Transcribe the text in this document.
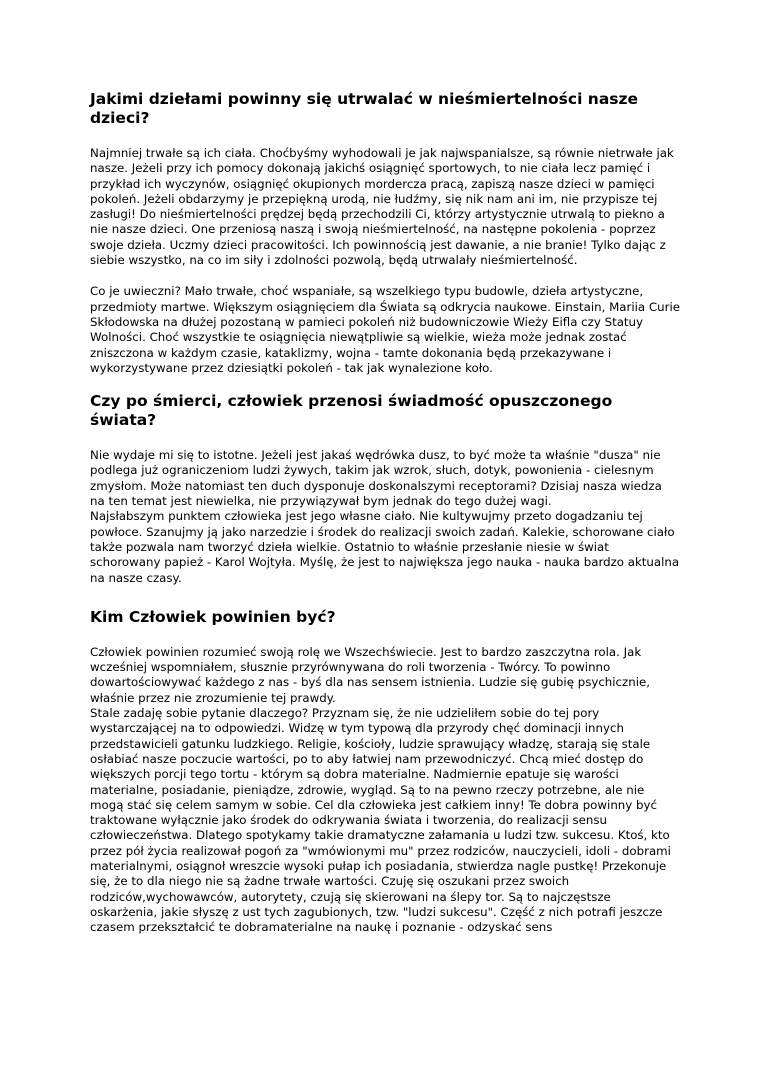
Jakimi dziełami powinny się utrwalać w nieśmiertelności nasze dzieci?

Najmniej trwałe są ich ciała. Choćbyśmy wyhodowali je jak najwspanialsze, są równie nietrwałe jak nasze. Jeżeli przy ich pomocy dokonają jakichś osiągnięć sportowych, to nie ciała lecz pamięć i przykład ich wyczynów, osiągnięć okupionych mordercza pracą, zapiszą nasze dzieci w pamięci pokoleń. Jeżeli obdarzymy je przepiękną urodą, nie łudźmy, się nik nam ani im, nie przypisze tej zasługi! Do nieśmiertelności prędzej będą przechodzili Ci, którzy artystycznie utrwalą to piekno a nie nasze dzieci. One przeniosą naszą i swoją nieśmiertelność, na następne pokolenia - poprzez swoje dzieła. Uczmy dzieci pracowitości. Ich powinnością jest dawanie, a nie branie! Tylko dając z siebie wszystko, na co im siły i zdolności pozwolą, będą utrwalały nieśmiertelność.

Co je uwieczni? Mało trwałe, choć wspaniałe, są wszelkiego typu budowle, dzieła artystyczne, przedmioty martwe. Większym osiągnięciem dla Świata są odkrycia naukowe. Einstain, Mariia Curie Skłodowska na dłużej pozostaną w pamieci pokoleń niż budowniczowie Wieży Eifla czy Statuy Wolności. Choć wszystkie te osiągnięcia niewątpliwie są wielkie, wieża może jednak zostać zniszczona w każdym czasie, kataklizmy, wojna - tamte dokonania będą przekazywane i wykorzystywane przez dziesiątki pokoleń - tak jak wynalezione koło.

Czy po śmierci, człowiek przenosi świadmość opuszczonego świata?

Nie wydaje mi się to istotne. Jeżeli jest jakaś wędrówka dusz, to być może ta właśnie "dusza" nie podlega już ograniczeniom ludzi żywych, takim jak wzrok, słuch, dotyk, powonienia - cielesnym zmysłom. Może natomiast ten duch dysponuje doskonalszymi receptorami? Dzisiaj nasza wiedza na ten temat jest niewielka, nie przywiązywał bym jednak do tego dużej wagi.

Najsłabszym punktem człowieka jest jego własne ciało. Nie kultywujmy przeto dogadzaniu tej powłoce. Szanujmy ją jako narzedzie i środek do realizacji swoich zadań. Kalekie, schorowane ciało także pozwala nam tworzyć dzieła wielkie. Ostatnio to właśnie przesłanie niesie w świat schorowany papież - Karol Wojtyła. Myślę, że jest to największa jego nauka - nauka bardzo aktualna na nasze czasy.

Kim Człowiek powinien być?

Człowiek powinien rozumieć swoją rolę we Wszechświecie. Jest to bardzo zaszczytna rola. Jak wcześniej wspomniałem, słusznie przyrównywana do roli tworzenia - Twórcy. To powinno dowartościowywać każdego z nas - byś dla nas sensem istnienia. Ludzie się gubię psychicznie, właśnie przez nie zrozumienie tej prawdy.

Stale zadaję sobie pytanie dlaczego? Przyznam się, że nie udzieliłem sobie do tej pory wystarczającej na to odpowiedzi. Widzę w tym typową dla przyrody chęć dominacji innych przedstawicieli gatunku ludzkiego. Religie, kościoły, ludzie sprawujący władzę, starają się stale osłabiać nasze poczucie wartości, po to aby łatwiej nam przewodniczyć. Chcą mieć dostęp do większych porcji tego tortu - którym są dobra materialne. Nadmiernie epatuje się warości materialne, posiadanie, pieniądze, zdrowie, wygląd. Są to na pewno rzeczy potrzebne, ale nie mogą stać się celem samym w sobie. Cel dla człowieka jest całkiem inny! Te dobra powinny być traktowane wyłącznie jako środek do odkrywania świata i tworzenia, do realizacji sensu człowieczeństwa. Dlatego spotykamy takie dramatyczne załamania u ludzi tzw. sukcesu. Ktoś, kto przez pół życia realizował pogoń za "wmówionymi mu" przez rodziców, nauczycieli, idoli - dobrami materialnymi, osiągnoł wreszcie wysoki pułap ich posiadania, stwierdza nagle pustkę! Przekonuje się, że to dla niego nie są żadne trwałe wartości. Czuję się oszukani przez swoich rodziców,wychowawców, autorytety, czują się skierowani na ślepy tor. Są to najczęstsze oskarżenia, jakie słyszę z ust tych zagubionych, tzw. "ludzi sukcesu". Część z nich potrafi jeszcze czasem przekształcić te dobramaterialne na naukę i poznanie - odzyskać sens
